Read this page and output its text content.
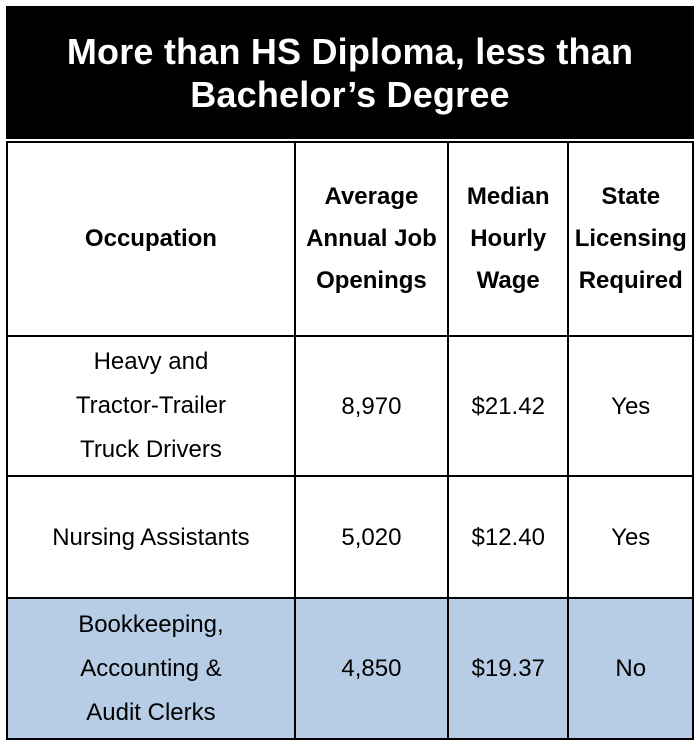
More than HS Diploma, less than Bachelor’s Degree
Occupation	Average Annual Job Openings	Median Hourly Wage	State Licensing Required

Heavy and Tractor-Trailer Truck Drivers	8,970	$21.42	Yes
Nursing Assistants	5,020	$12.40	Yes

Bookkeeping, Accounting & Audit Clerks	4,850	$19.37	No
